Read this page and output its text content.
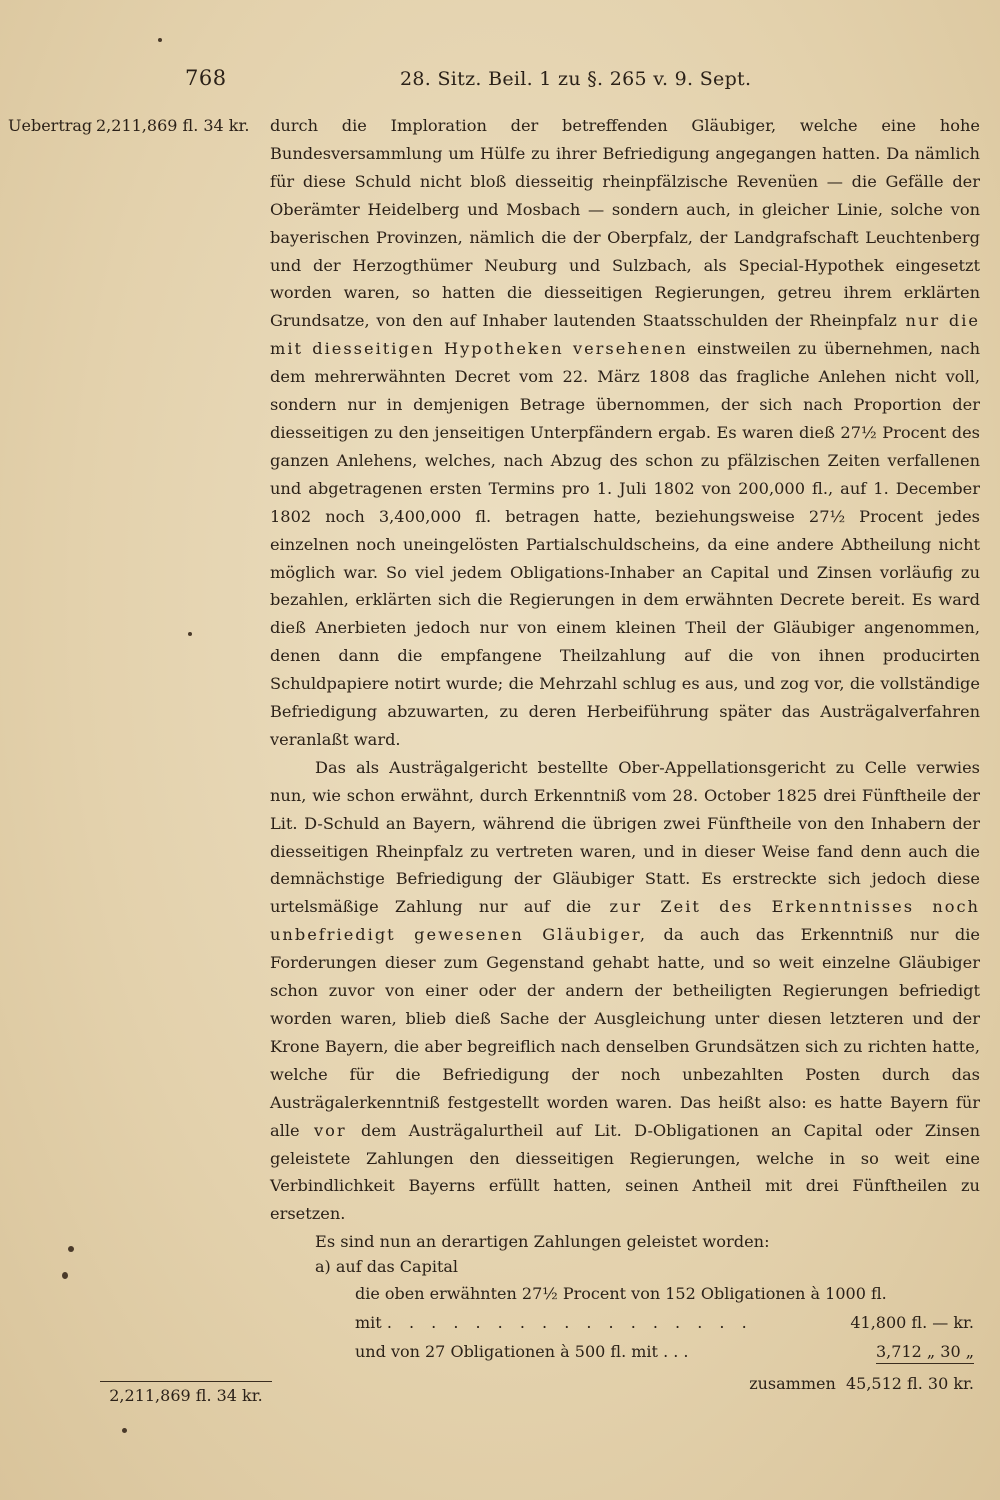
768	28. Sitz. Beil. 1 zu §. 265 v. 9. Sept.
Uebertrag 2,211,869 fl. 34 kr. durch die Imploration der betreffenden Gläubiger, welche eine hohe Bundesversammlung um Hülfe zu ihrer Befriedigung angegangen hatten. Da nämlich für diese Schuld nicht bloß diesseitig rheinpfälzische Revenüen — die Gefälle der Oberämter Heidelberg und Mosbach — sondern auch, in gleicher Linie, solche von bayerischen Provinzen, nämlich die der Oberpfalz, der Landgrafschaft Leuchtenberg und der Herzogthümer Neuburg und Sulzbach, als Special-Hypothek eingesetzt worden waren, so hatten die diesseitigen Regierungen, getreu ihrem erklärten Grundsatze, von den auf Inhaber lautenden Staatsschulden der Rheinpfalz nur die mit diesseitigen Hypotheken versehenen einstweilen zu übernehmen, nach dem mehrerwähnten Decret vom 22. März 1808 das fragliche Anlehen nicht voll, sondern nur in demjenigen Betrage übernommen, der sich nach Proportion der diesseitigen zu den jenseitigen Unterpfändern ergab. Es waren dieß 27½ Procent des ganzen Anlehens, welches, nach Abzug des schon zu pfälzischen Zeiten verfallenen und abgetragenen ersten Termins pro 1. Juli 1802 von 200,000 fl., auf 1. December 1802 noch 3,400,000 fl. betragen hatte, beziehungsweise 27½ Procent jedes einzelnen noch uneingelösten Partialschuldscheins, da eine andere Abtheilung nicht möglich war. So viel jedem Obligations-Inhaber an Capital und Zinsen vorläufig zu bezahlen, erklärten sich die Regierungen in dem erwähnten Decrete bereit. Es ward dieß Anerbieten jedoch nur von einem kleinen Theil der Gläubiger angenommen, denen dann die empfangene Theilzahlung auf die von ihnen producirten Schuldpapiere notirt wurde; die Mehrzahl schlug es aus, und zog vor, die vollständige Befriedigung abzuwarten, zu deren Herbeiführung später das Austrägalverfahren veranlaßt ward.

Das als Austrägalgericht bestellte Ober-Appellationsgericht zu Celle verwies nun, wie schon erwähnt, durch Erkenntniß vom 28. October 1825 drei Fünftheile der Lit. D-Schuld an Bayern, während die übrigen zwei Fünftheile von den Inhabern der diesseitigen Rheinpfalz zu vertreten waren, und in dieser Weise fand denn auch die demnächstige Befriedigung der Gläubiger Statt. Es erstreckte sich jedoch diese urtelsmäßige Zahlung nur auf die zur Zeit des Erkenntnisses noch unbefriedigt gewesenen Gläubiger, da auch das Erkenntniß nur die Forderungen dieser zum Gegenstand gehabt hatte, und so weit einzelne Gläubiger schon zuvor von einer oder der andern der betheiligten Regierungen befriedigt worden waren, blieb dieß Sache der Ausgleichung unter diesen letzteren und der Krone Bayern, die aber begreiflich nach denselben Grundsätzen sich zu richten hatte, welche für die Befriedigung der noch unbezahlten Posten durch das Austrägalerkenntniß festgestellt worden waren. Das heißt also: es hatte Bayern für alle vor dem Austrägalurtheil auf Lit. D-Obligationen an Capital oder Zinsen geleistete Zahlungen den diesseitigen Regierungen, welche in so weit eine Verbindlichkeit Bayerns erfüllt hatten, seinen Antheil mit drei Fünftheilen zu ersetzen.

Es sind nun an derartigen Zahlungen geleistet worden:

a) auf das Capital
die oben erwähnten 27½ Procent von 152 Obligationen à 1000 fl.
mit . . . . . . . . . . . . . . . . .	41,800 fl. — kr.
und von 27 Obligationen à 500 fl. mit . . .	3,712 „ 30 „
zusammen 45,512 fl. 30 kr.
2,211,869 fl. 34 kr.
